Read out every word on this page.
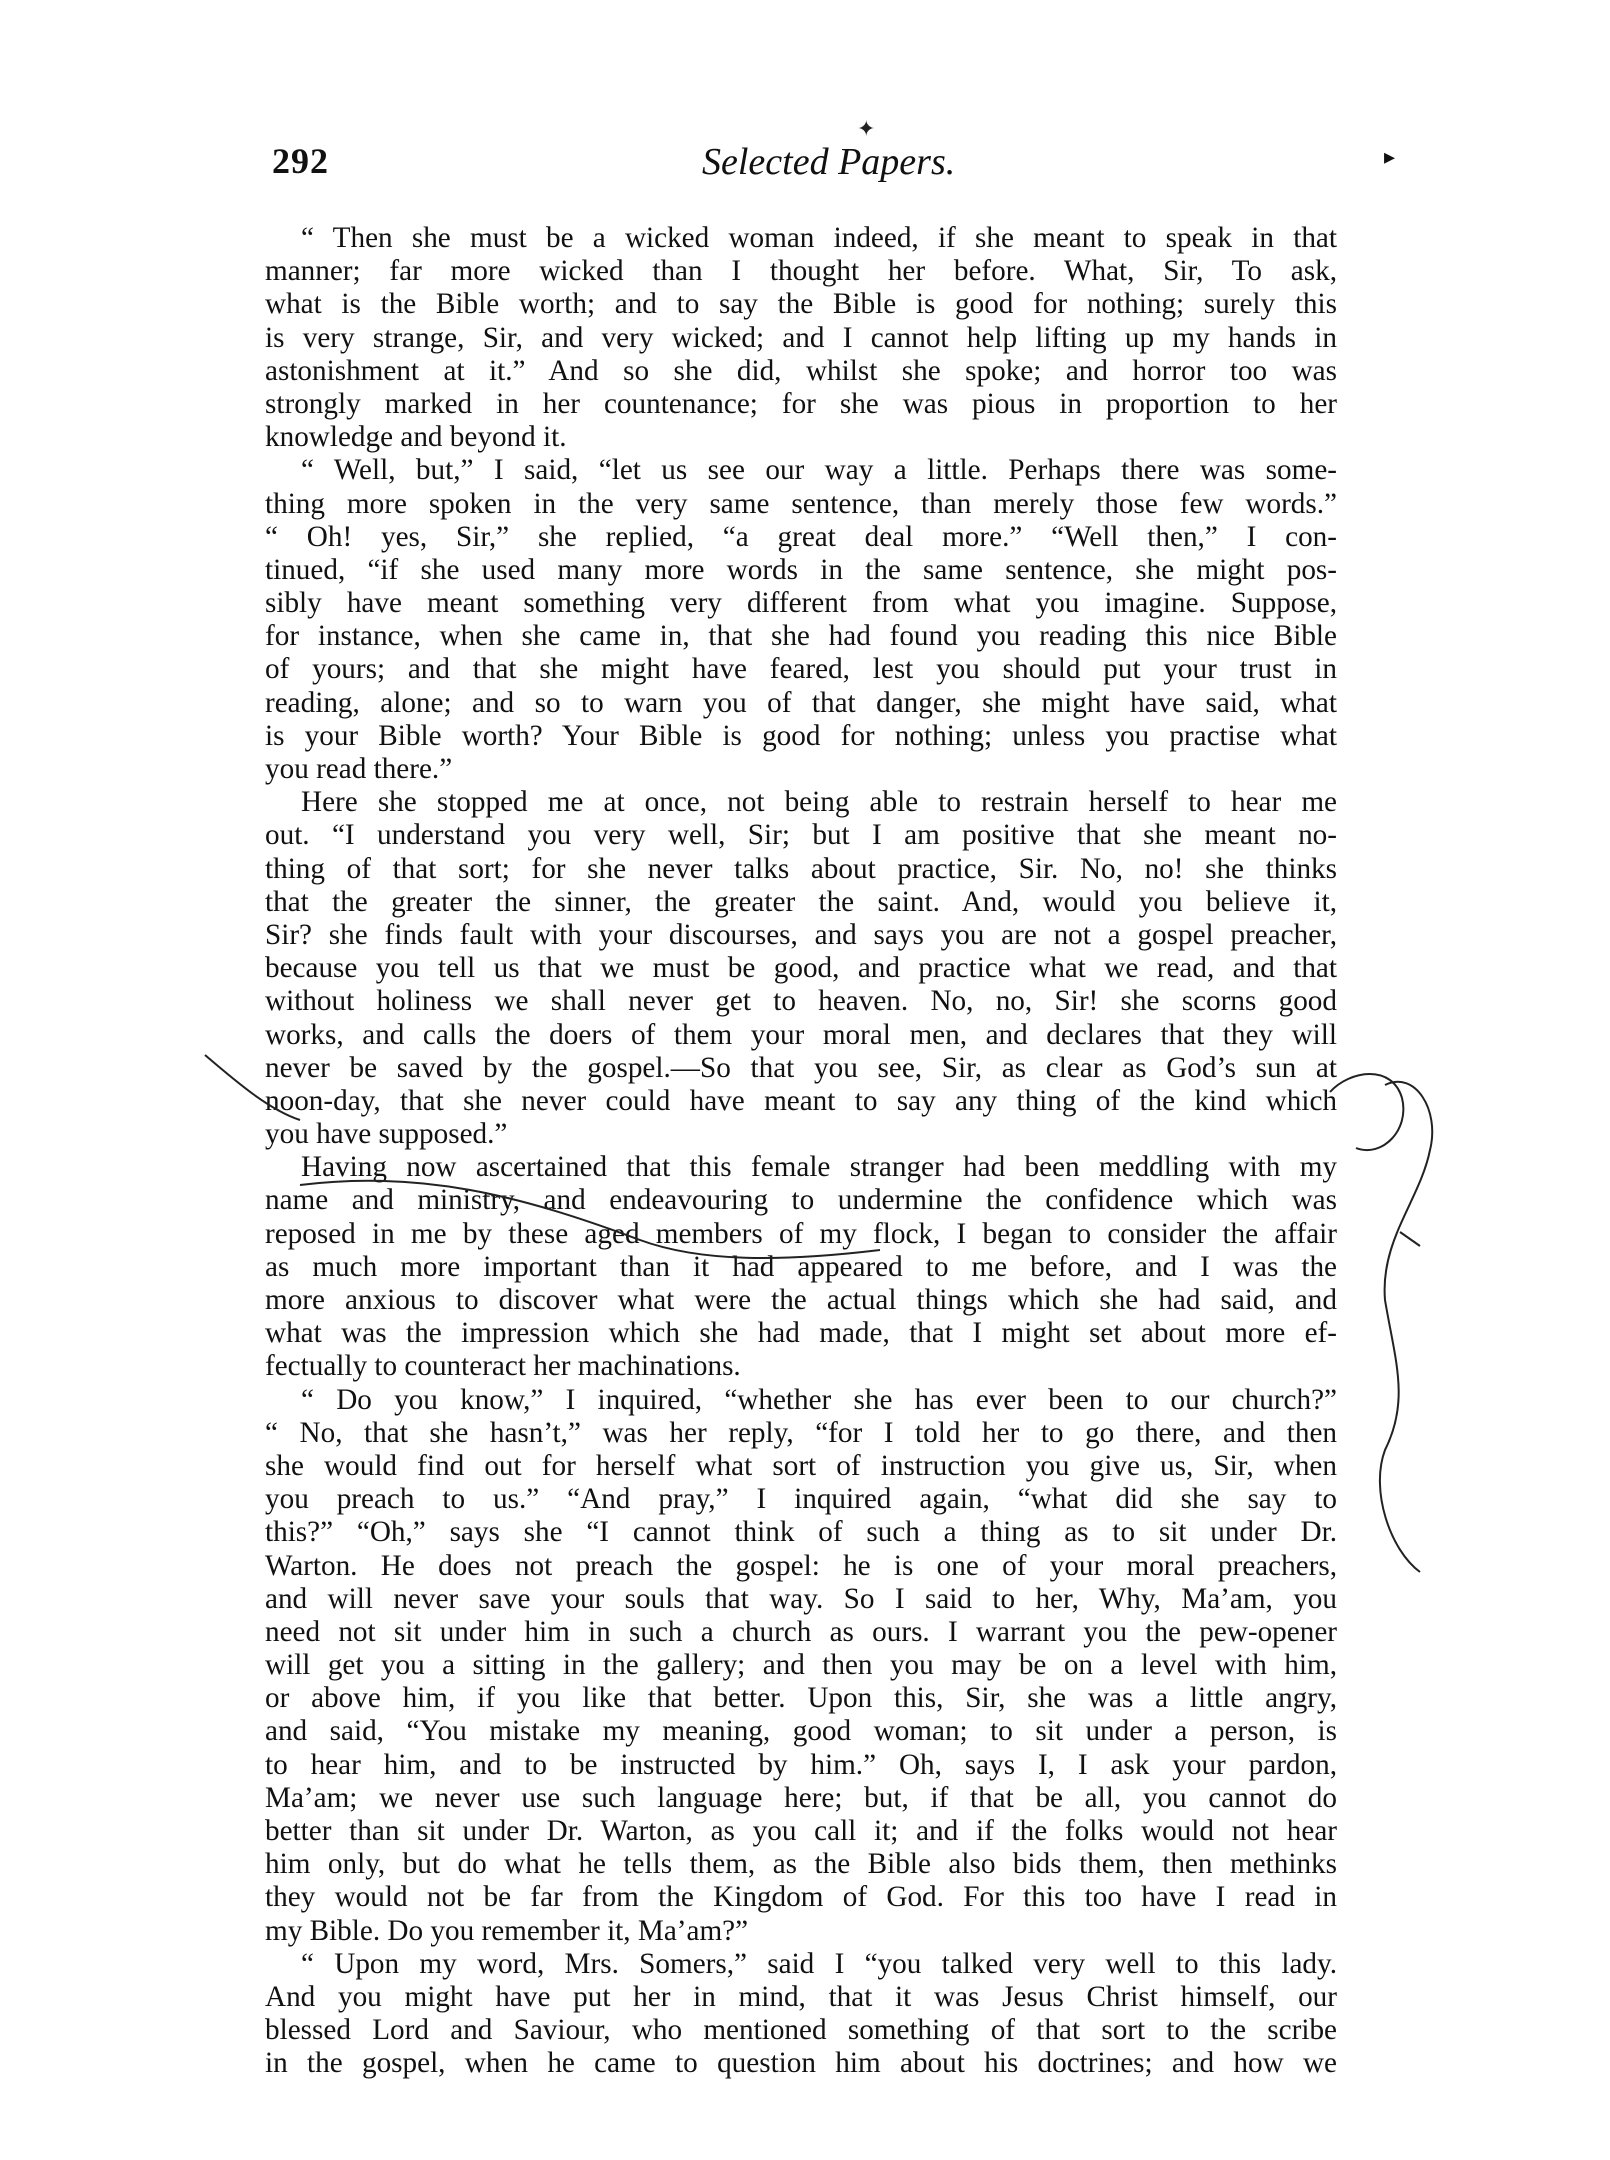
✦
292	Selected Papers.	▸
“ Then she must be a wicked woman indeed, if she meant to speak in that
manner; far more wicked than I thought her before. What, Sir, To ask,
what is the Bible worth; and to say the Bible is good for nothing; surely this
is very strange, Sir, and very wicked; and I cannot help lifting up my hands in
astonishment at it.” And so she did, whilst she spoke; and horror too was
strongly marked in her countenance; for she was pious in proportion to her
knowledge and beyond it.
“ Well, but,” I said, “let us see our way a little. Perhaps there was some-
thing more spoken in the very same sentence, than merely those few words.”
“ Oh! yes, Sir,” she replied, “a great deal more.” “Well then,” I con-
tinued, “if she used many more words in the same sentence, she might pos-
sibly have meant something very different from what you imagine. Suppose,
for instance, when she came in, that she had found you reading this nice Bible
of yours; and that she might have feared, lest you should put your trust in
reading, alone; and so to warn you of that danger, she might have said, what
is your Bible worth? Your Bible is good for nothing; unless you practise what
you read there.”
Here she stopped me at once, not being able to restrain herself to hear me
out. “I understand you very well, Sir; but I am positive that she meant no-
thing of that sort; for she never talks about practice, Sir. No, no! she thinks
that the greater the sinner, the greater the saint. And, would you believe it,
Sir? she finds fault with your discourses, and says you are not a gospel preacher,
because you tell us that we must be good, and practice what we read, and that
without holiness we shall never get to heaven. No, no, Sir! she scorns good
works, and calls the doers of them your moral men, and declares that they will
never be saved by the gospel.—So that you see, Sir, as clear as God’s sun at
noon-day, that she never could have meant to say any thing of the kind which
you have supposed.”
Having now ascertained that this female stranger had been meddling with my
name and ministry, and endeavouring to undermine the confidence which was
reposed in me by these aged members of my flock, I began to consider the affair
as much more important than it had appeared to me before, and I was the
more anxious to discover what were the actual things which she had said, and
what was the impression which she had made, that I might set about more ef-
fectually to counteract her machinations.
“ Do you know,” I inquired, “whether she has ever been to our church?”
“ No, that she hasn’t,” was her reply, “for I told her to go there, and then
she would find out for herself what sort of instruction you give us, Sir, when
you preach to us.” “And pray,” I inquired again, “what did she say to
this?” “Oh,” says she “I cannot think of such a thing as to sit under Dr.
Warton. He does not preach the gospel: he is one of your moral preachers,
and will never save your souls that way. So I said to her, Why, Ma’am, you
need not sit under him in such a church as ours. I warrant you the pew-opener
will get you a sitting in the gallery; and then you may be on a level with him,
or above him, if you like that better. Upon this, Sir, she was a little angry,
and said, “You mistake my meaning, good woman; to sit under a person, is
to hear him, and to be instructed by him.” Oh, says I, I ask your pardon,
Ma’am; we never use such language here; but, if that be all, you cannot do
better than sit under Dr. Warton, as you call it; and if the folks would not hear
him only, but do what he tells them, as the Bible also bids them, then methinks
they would not be far from the Kingdom of God. For this too have I read in
my Bible. Do you remember it, Ma’am?”
“ Upon my word, Mrs. Somers,” said I “you talked very well to this lady.
And you might have put her in mind, that it was Jesus Christ himself, our
blessed Lord and Saviour, who mentioned something of that sort to the scribe
in the gospel, when he came to question him about his doctrines; and how we
